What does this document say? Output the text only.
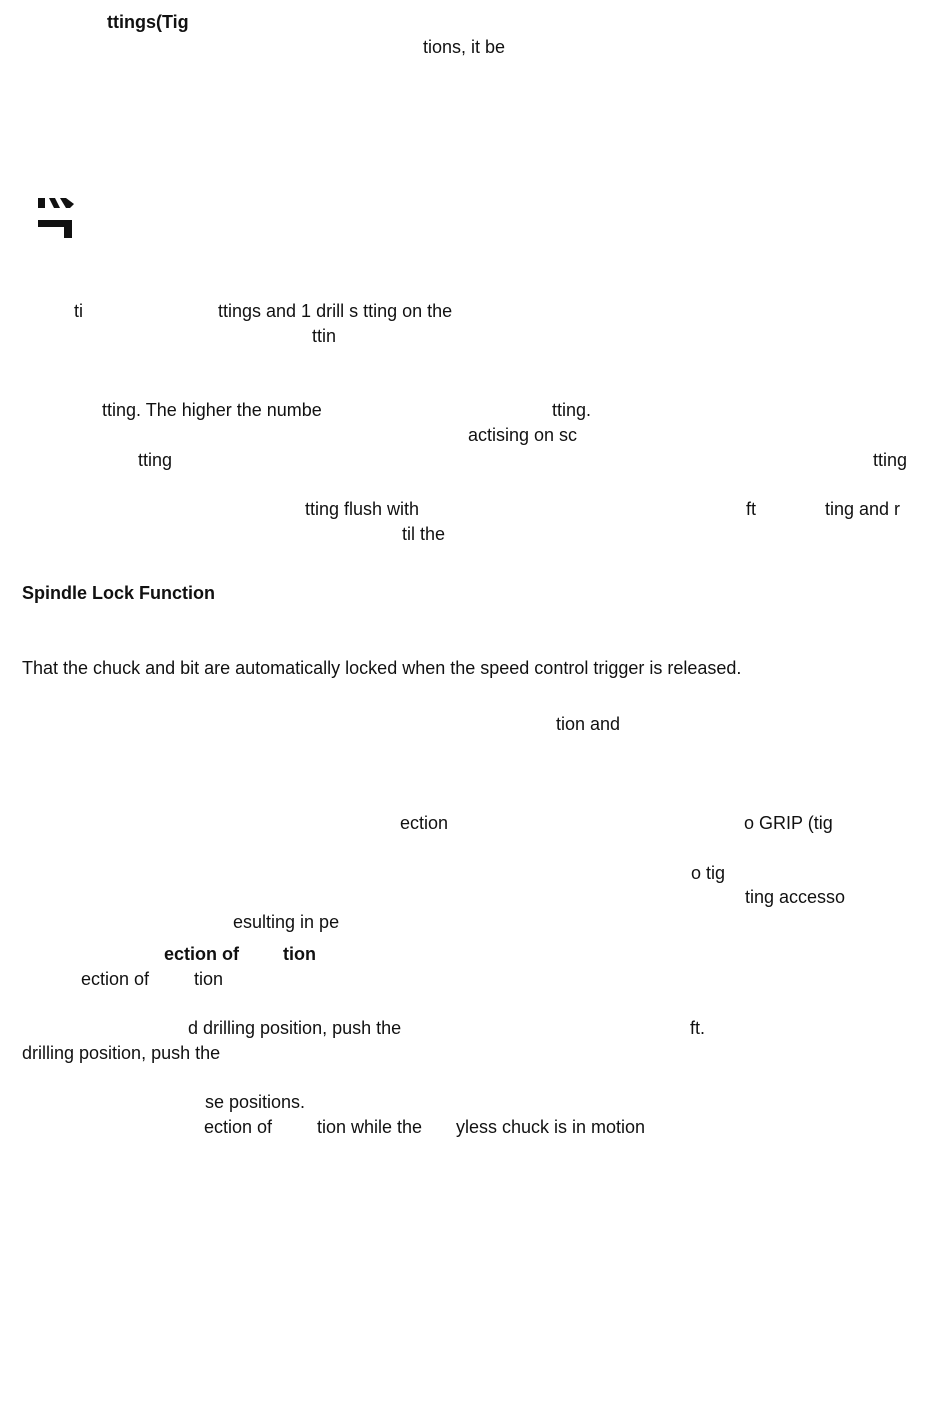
ttings(Tig

tions, it be

ti	ttings and 1 drill s tting on the

ttin

tting. The higher the numbe	tting.

actising on sc

tting	tting

tting flush with	ft	ting and r

til the

Spindle Lock Function

That the chuck and bit are automatically locked when the speed control trigger is released.

tion and

ection	o GRIP (tig

o tig

ting accesso

esulting in pe

ection of tion

ection of tion

d drilling position, push the	ft.

drilling position, push the

se positions.

ection of tion while the yless chuck is in motion
